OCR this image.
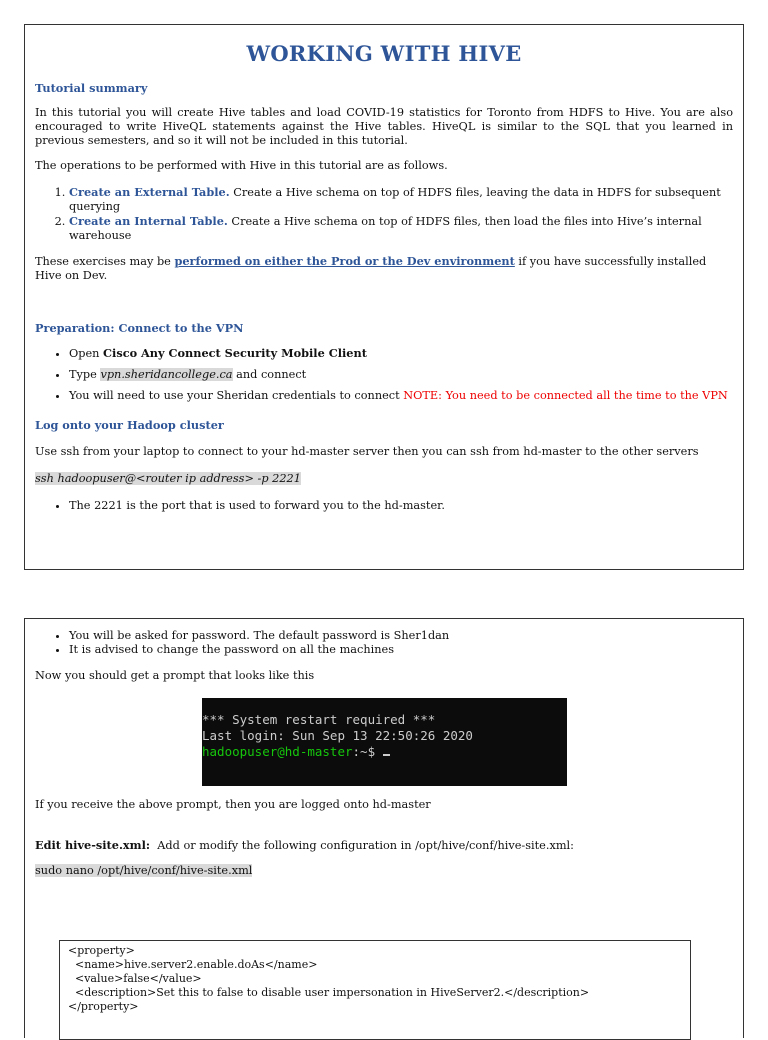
WORKING WITH HIVE

Tutorial summary

In this tutorial you will create Hive tables and load COVID-19 statistics for Toronto from HDFS to Hive. You are also encouraged to write HiveQL statements against the Hive tables. HiveQL is similar to the SQL that you learned in previous semesters, and so it will not be included in this tutorial.

The operations to be performed with Hive in this tutorial are as follows.

1. Create an External Table. Create a Hive schema on top of HDFS files, leaving the data in HDFS for subsequent querying
2. Create an Internal Table. Create a Hive schema on top of HDFS files, then load the files into Hive’s internal warehouse

These exercises may be performed on either the Prod or the Dev environment if you have successfully installed Hive on Dev.

Preparation: Connect to the VPN

• Open Cisco Any Connect Security Mobile Client
• Type vpn.sheridancollege.ca and connect
• You will need to use your Sheridan credentials to connect NOTE: You need to be connected all the time to the VPN

Log onto your Hadoop cluster

Use ssh from your laptop to connect to your hd-master server then you can ssh from hd-master to the other servers

ssh hadoopuser@<router ip address> -p 2221

• The 2221 is the port that is used to forward you to the hd-master.
• You will be asked for password. The default password is Sher1dan
• It is advised to change the password on all the machines

Now you should get a prompt that looks like this

*** System restart required ***
Last login: Sun Sep 13 22:50:26 2020
hadoopuser@hd-master:~$

If you receive the above prompt, then you are logged onto hd-master

Edit hive-site.xml:  Add or modify the following configuration in /opt/hive/conf/hive-site.xml:

sudo nano /opt/hive/conf/hive-site.xml

<property>
<name>hive.server2.enable.doAs</name>
<value>false</value>
<description>Set this to false to disable user impersonation in HiveServer2.</description>
</property>
